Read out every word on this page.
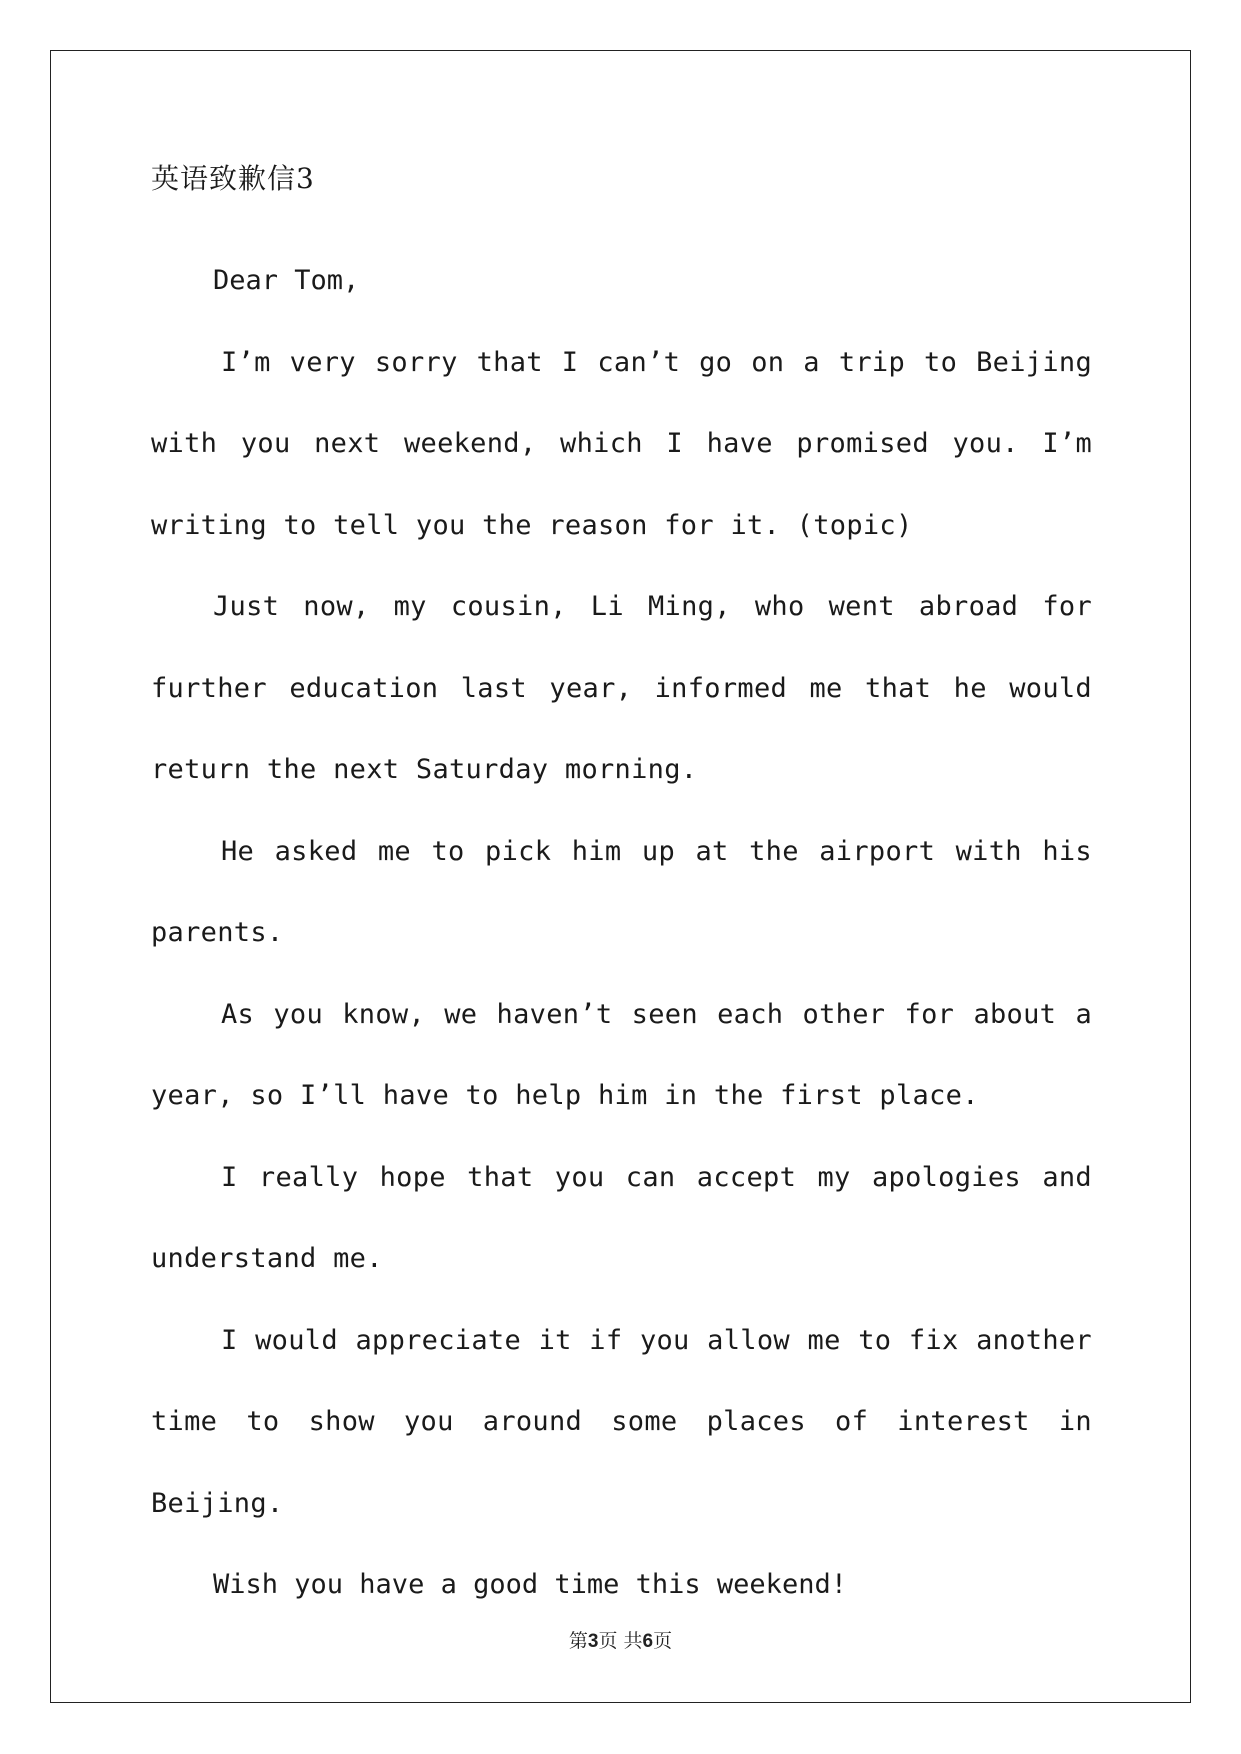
英语致歉信3

Dear Tom,

I’m very sorry that I can’t go on a trip to Beijing with you next weekend, which I have promised you. I’m writing to tell you the reason for it. (topic)

Just now, my cousin, Li Ming, who went abroad for further education last year, informed me that he would return the next Saturday morning.

He asked me to pick him up at the airport with his parents.

As you know, we haven’t seen each other for about a year, so I’ll have to help him in the first place.

I really hope that you can accept my apologies and understand me.

I would appreciate it if you allow me to fix another time to show you around some places of interest in Beijing.

Wish you have a good time this weekend!

第3页 共6页
